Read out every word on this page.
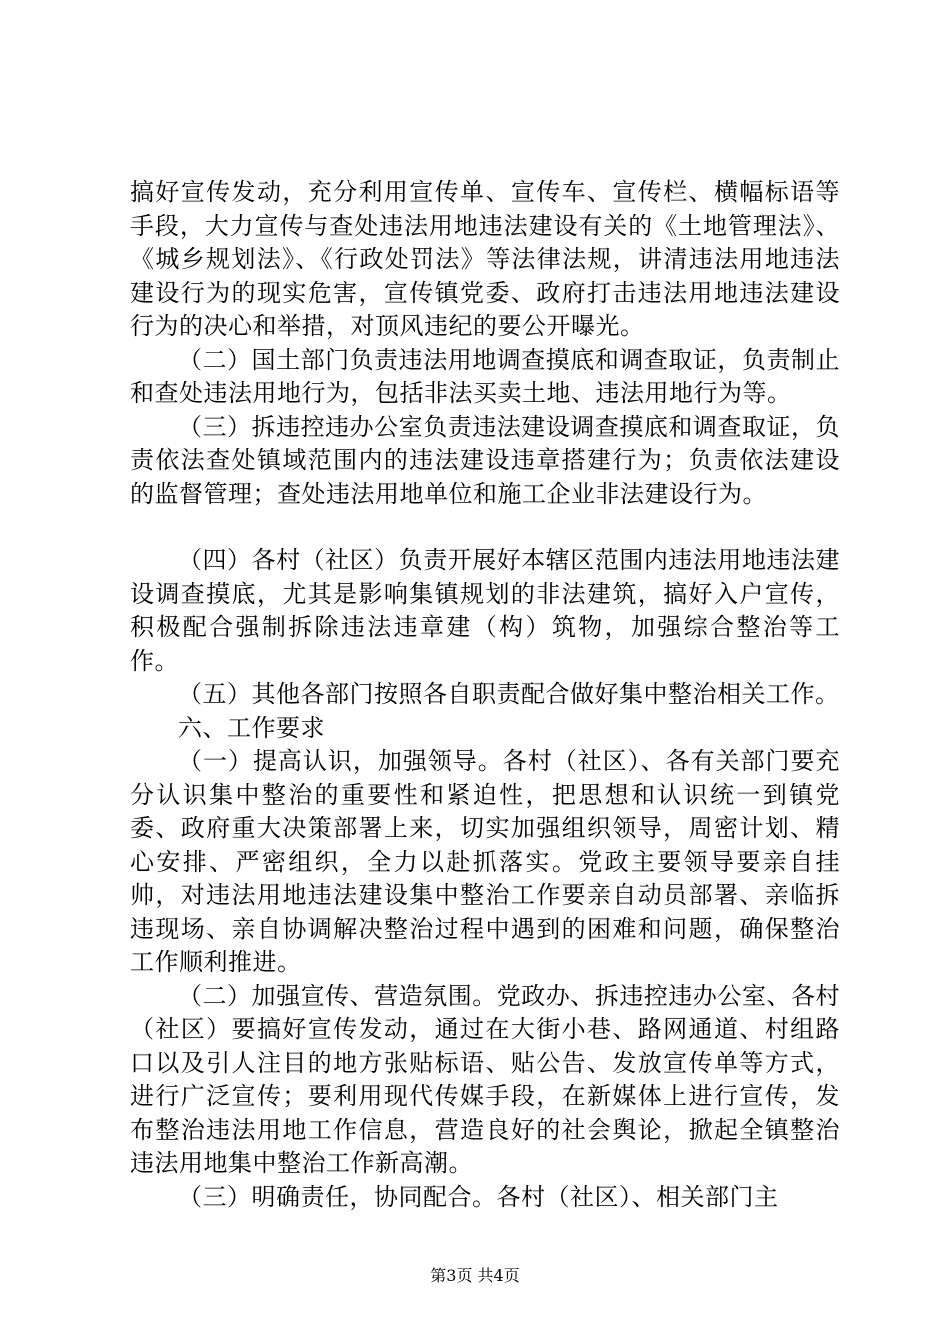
搞好宣传发动，充分利用宣传单、宣传车、宣传栏、横幅标语等手段，大力宣传与查处违法用地违法建设有关的《土地管理法》、《城乡规划法》、《行政处罚法》等法律法规，讲清违法用地违法建设行为的现实危害，宣传镇党委、政府打击违法用地违法建设行为的决心和举措，对顶风违纪的要公开曝光。

（二）国土部门负责违法用地调查摸底和调查取证，负责制止和查处违法用地行为，包括非法买卖土地、违法用地行为等。

（三）拆违控违办公室负责违法建设调查摸底和调查取证，负责依法查处镇域范围内的违法建设违章搭建行为；负责依法建设的监督管理；查处违法用地单位和施工企业非法建设行为。

（四）各村（社区）负责开展好本辖区范围内违法用地违法建设调查摸底，尤其是影响集镇规划的非法建筑，搞好入户宣传，积极配合强制拆除违法违章建（构）筑物，加强综合整治等工作。

（五）其他各部门按照各自职责配合做好集中整治相关工作。

六、工作要求

（一）提高认识，加强领导。各村（社区）、各有关部门要充分认识集中整治的重要性和紧迫性，把思想和认识统一到镇党委、政府重大决策部署上来，切实加强组织领导，周密计划、精心安排、严密组织，全力以赴抓落实。党政主要领导要亲自挂帅，对违法用地违法建设集中整治工作要亲自动员部署、亲临拆违现场、亲自协调解决整治过程中遇到的困难和问题，确保整治工作顺利推进。

（二）加强宣传、营造氛围。党政办、拆违控违办公室、各村（社区）要搞好宣传发动，通过在大街小巷、路网通道、村组路口以及引人注目的地方张贴标语、贴公告、发放宣传单等方式，进行广泛宣传；要利用现代传媒手段，在新媒体上进行宣传，发布整治违法用地工作信息，营造良好的社会舆论，掀起全镇整治违法用地集中整治工作新高潮。

（三）明确责任，协同配合。各村（社区）、相关部门主

第3页 共4页
